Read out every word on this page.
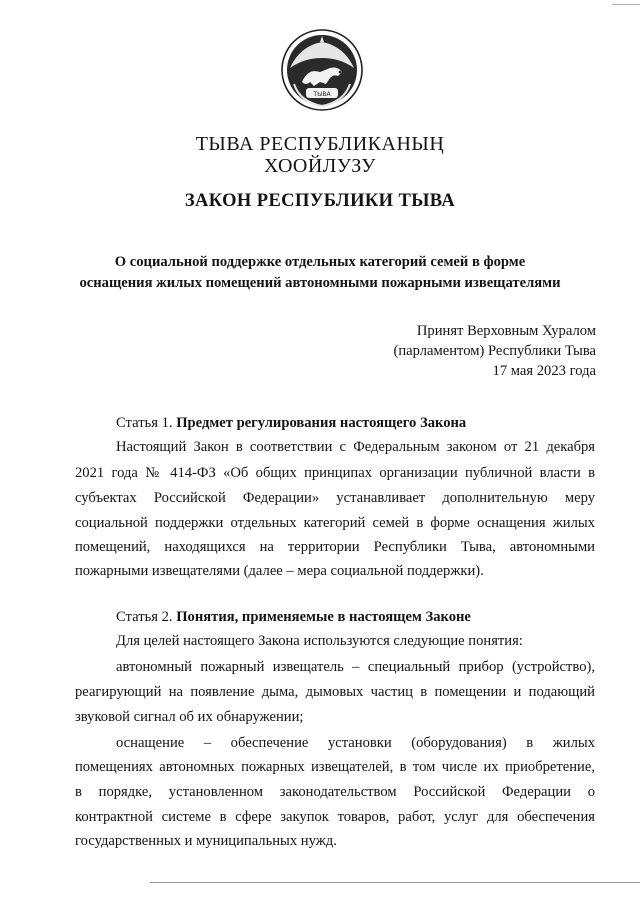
ТЫВА
ТЫВА РЕСПУБЛИКАНЫҢ
ХООЙЛУЗУ
ЗАКОН РЕСПУБЛИКИ ТЫВА
О социальной поддержке отдельных категорий семей в форме
оснащения жилых помещений автономными пожарными извещателями
Принят Верховным Хуралом
(парламентом) Республики Тыва
17 мая 2023 года
Статья 1. Предмет регулирования настоящего Закона
Настоящий Закон в соответствии с Федеральным законом от 21 декабря
2021 года № 414-ФЗ «Об общих принципах организации публичной власти в
субъектах Российской Федерации» устанавливает дополнительную меру
социальной поддержки отдельных категорий семей в форме оснащения жилых
помещений, находящихся на территории Республики Тыва, автономными
пожарными извещателями (далее – мера социальной поддержки).
Статья 2. Понятия, применяемые в настоящем Законе
Для целей настоящего Закона используются следующие понятия:
автономный пожарный извещатель – специальный прибор (устройство),
реагирующий на появление дыма, дымовых частиц в помещении и подающий
звуковой сигнал об их обнаружении;
оснащение – обеспечение установки (оборудования) в жилых
помещениях автономных пожарных извещателей, в том числе их приобретение,
в порядке, установленном законодательством Российской Федерации о
контрактной системе в сфере закупок товаров, работ, услуг для обеспечения
государственных и муниципальных нужд.
